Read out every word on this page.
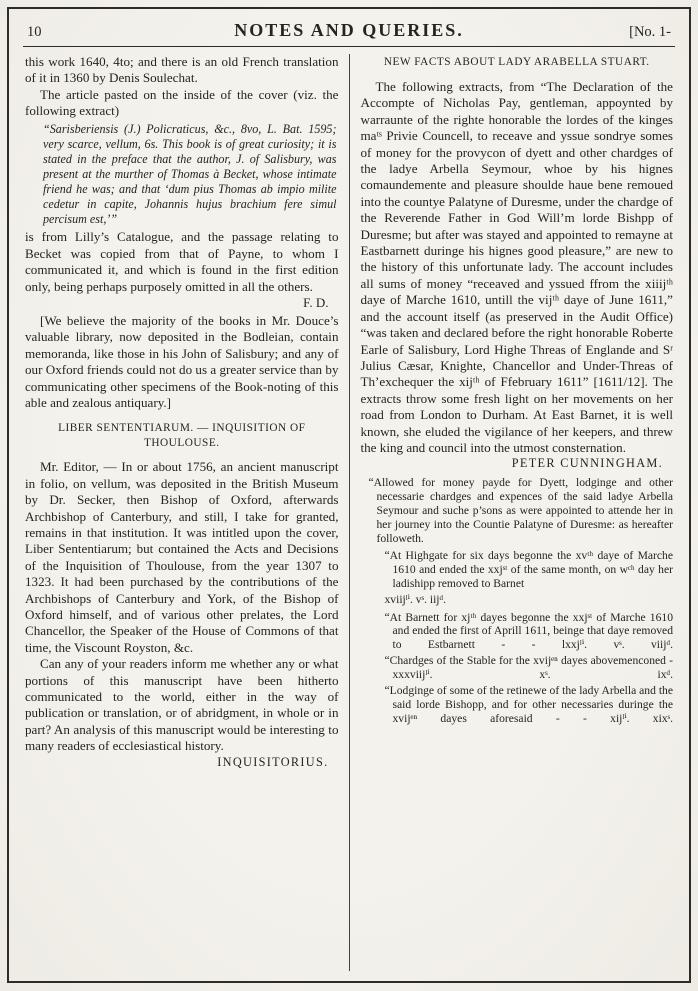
10	NOTES AND QUERIES.	[No. 1-

this work 1640, 4to; and there is an old French translation of it in 1360 by Denis Soulechat.

The article pasted on the inside of the cover (viz. the following extract)

“Sarisberiensis (J.) Policraticus, &c., 8vo, L. Bat. 1595; very scarce, vellum, 6s. This book is of great curiosity; it is stated in the preface that the author, J. of Salisbury, was present at the murther of Thomas à Becket, whose intimate friend he was; and that ‘dum pius Thomas ab impio milite cedetur in capite, Johannis hujus brachium fere simul percisum est,’”

is from Lilly’s Catalogue, and the passage relating to Becket was copied from that of Payne, to whom I communicated it, and which is found in the first edition only, being perhaps purposely omitted in all the others.

F. D.

[We believe the majority of the books in Mr. Douce’s valuable library, now deposited in the Bodleian, contain memoranda, like those in his John of Salisbury; and any of our Oxford friends could not do us a greater service than by communicating other specimens of the Book-noting of this able and zealous antiquary.]

LIBER SENTENTIARUM. — INQUISITION OF THOULOUSE.

Mr. Editor, — In or about 1756, an ancient manuscript in folio, on vellum, was deposited in the British Museum by Dr. Secker, then Bishop of Oxford, afterwards Archbishop of Canterbury, and still, I take for granted, remains in that institution. It was intitled upon the cover, Liber Sententiarum; but contained the Acts and Decisions of the Inquisition of Thoulouse, from the year 1307 to 1323. It had been purchased by the contributions of the Archbishops of Canterbury and York, of the Bishop of Oxford himself, and of various other prelates, the Lord Chancellor, the Speaker of the House of Commons of that time, the Viscount Royston, &c.

Can any of your readers inform me whether any or what portions of this manuscript have been hitherto communicated to the world, either in the way of publication or translation, or of abridgment, in whole or in part? An analysis of this manuscript would be interesting to many readers of ecclesiastical history.

INQUISITORIUS.

NEW FACTS ABOUT LADY ARABELLA STUART.

The following extracts, from “The Declaration of the Accompte of Nicholas Pay, gentleman, appoynted by warraunte of the righte honorable the lordes of the kinges maᵗˢ Privie Councell, to receave and yssue sondrye somes of money for the provycon of dyett and other chardges of the ladye Arbella Seymour, whoe by his hignes comaundemente and pleasure shoulde haue bene remoued into the countye Palatyne of Duresme, under the chardge of the Reverende Father in God Will’m lorde Bishpp of Duresme; but after was stayed and appointed to remayne at Eastbarnett duringe his hignes good pleasure,” are new to the history of this unfortunate lady. The account includes all sums of money “receaved and yssued ffrom the xiiijᵗʰ daye of Marche 1610, untill the vijᵗʰ daye of June 1611,” and the account itself (as preserved in the Audit Office) “was taken and declared before the right honorable Roberte Earle of Salisbury, Lord Highe Threas of Englande and Sʳ Julius Cæsar, Knighte, Chancellor and Under-Threas of Th’exchequer the xijᵗʰ of Ffebruary 1611” [1611/12]. The extracts throw some fresh light on her movements on her road from London to Durham. At East Barnet, it is well known, she eluded the vigilance of her keepers, and threw the king and council into the utmost consternation.

PETER CUNNINGHAM.

“Allowed for money payde for Dyett, lodginge and other necessarie chardges and expences of the said ladye Arbella Seymour and suche p’sons as were appointed to attende her in her journey into the Countie Palatyne of Duresme: as hereafter followeth.

“At Highgate for six days begonne the xvᵗʰ daye of Marche 1610 and ended the xxjˢᵗ of the same month, on wᶜʰ day her ladishipp removed to Barnet

xviijˡⁱ. vˢ. iijᵈ.

“At Barnett for xjᵗʰ dayes begonne the xxjˢᵗ of Marche 1610 and ended the first of Aprill 1611, beinge that daye removed to Estbarnett - - lxxjˡⁱ. vˢ. viijᵈ.

“Chardges of the Stable for the xvijᵉⁿ dayes abovemenconed - xxxviijˡⁱ. xˢ. ixᵈ.

“Lodginge of some of the retinewe of the lady Arbella and the said lorde Bishopp, and for other necessaries duringe the xvijᵉⁿ dayes aforesaid - - xijˡⁱ. xixˢ.
